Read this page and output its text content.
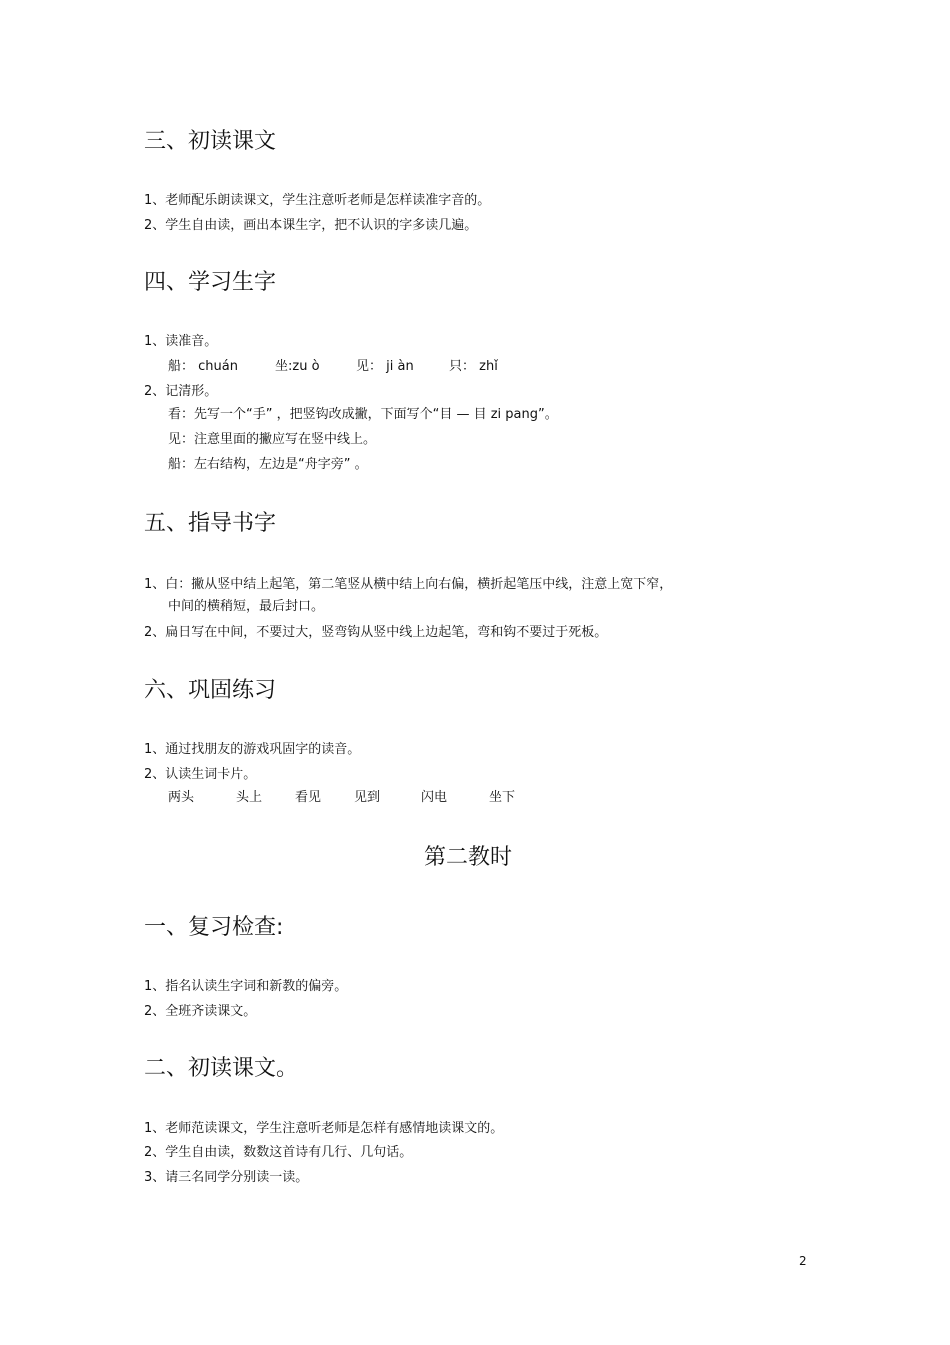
三、初读课文
1、老师配乐朗读课文，学生注意听老师是怎样读准字音的。
2、学生自由读，画出本课生字，把不认识的字多读几遍。
四、学习生字
1、读准音。
船： chuán	坐:zu ò	见： ji àn	只： zhǐ
2、记清形。
看：先写一个“手” ，把竖钩改成撇，下面写个“目 — 目 zi pang”。
见：注意里面的撇应写在竖中线上。
船：左右结构，左边是“舟字旁” 。
五、指导书字
1、白：撇从竖中结上起笔，第二笔竖从横中结上向右偏，横折起笔压中线，注意上宽下窄，
中间的横稍短，最后封口。
2、扁日写在中间，不要过大，竖弯钩从竖中线上边起笔，弯和钩不要过于死板。
六、巩固练习
1、通过找朋友的游戏巩固字的读音。
2、认读生词卡片。
两头	头上	看见	见到	闪电	坐下
第二教时
一、复习检查:
1、指名认读生字词和新教的偏旁。
2、全班齐读课文。
二、初读课文。
1、老师范读课文，学生注意听老师是怎样有感情地读课文的。
2、学生自由读，数数这首诗有几行、几句话。
3、请三名同学分别读一读。
2
